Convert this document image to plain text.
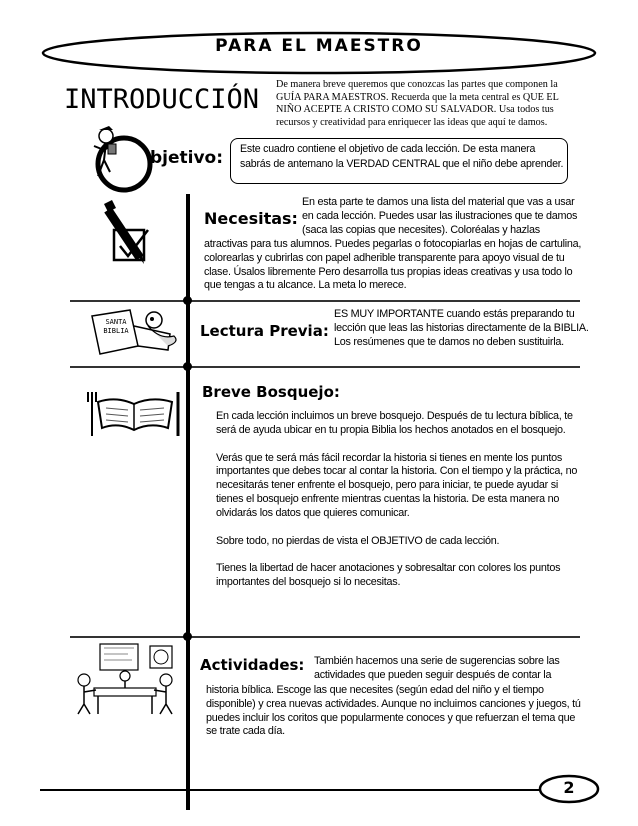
PARA EL MAESTRO
INTRODUCCIÓN De manera breve queremos que conozcas las partes que componen la GUÍA PARA MAESTROS. Recuerda que la meta central es QUE EL NIÑO ACEPTE A CRISTO COMO SU SALVADOR. Usa todos tus recursos y creatividad para enriquecer las ideas que aquí te damos.

bjetivo: Este cuadro contiene el objetivo de cada lección. De esta manera sabrás de antemano la VERDAD CENTRAL que el niño debe aprender.

Necesitas:

En esta parte te damos una lista del material que vas a usar en cada lección. Puedes usar las ilustraciones que te damos (saca las copias que necesites). Coloréalas y hazlas

atractivas para tus alumnos. Puedes pegarlas o fotocopiarlas en hojas de cartulina, colorearlas y cubrirlas con papel adherible transparente para apoyo visual de tu clase. Úsalos libremente Pero desarrolla tus propias ideas creativas y usa todo lo que tengas a tu alcance. La meta lo merece.

SANTA
BIBLIA	Lectura Previa:

ES MUY IMPORTANTE cuando estás preparando tu lección que leas las historias directamente de la BIBLIA. Los resúmenes que te damos no deben sustituirla.

Breve Bosquejo:

En cada lección incluimos un breve bosquejo. Después de tu lectura bíblica, te será de ayuda ubicar en tu propia Biblia los hechos anotados en el bosquejo.

Verás que te será más fácil recordar la historia si tienes en mente los puntos importantes que debes tocar al contar la historia. Con el tiempo y la práctica, no necesitarás tener enfrente el bosquejo, pero para iniciar, te puede ayudar si tienes el bosquejo enfrente mientras cuentas la historia. De esta manera no olvidarás los datos que quieres comunicar.

Sobre todo, no pierdas de vista el OBJETIVO de cada lección.

Tienes la libertad de hacer anotaciones y sobresaltar con colores los puntos importantes del bosquejo si lo necesitas.

Actividades: También hacemos una serie de sugerencias sobre las actividades que pueden seguir después de contar la

historia bíblica. Escoge las que necesites (según edad del niño y el tiempo disponible) y crea nuevas actividades. Aunque no incluimos canciones y juegos, tú puedes incluir los coritos que popularmente conoces y que refuerzan el tema que se trate cada día.

2
